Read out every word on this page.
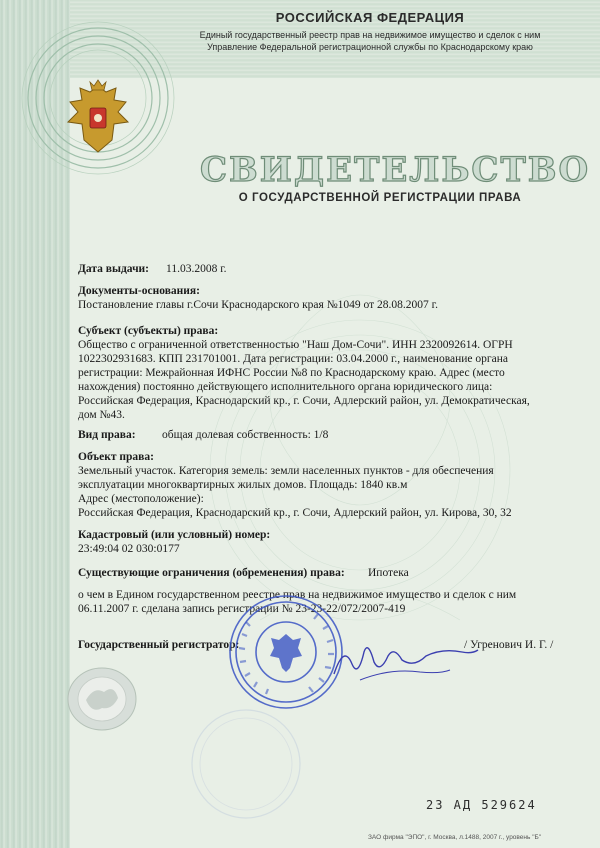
РОССИЙСКАЯ ФЕДЕРАЦИЯ
Единый государственный реестр прав на недвижимое имущество и сделок с ним
Управление Федеральной регистрационной службы по Краснодарскому краю
СВИДЕТЕЛЬСТВО
О ГОСУДАРСТВЕННОЙ РЕГИСТРАЦИИ ПРАВА
Дата выдачи: 11.03.2008 г.
Документы-основания:
Постановление главы г.Сочи Краснодарского края №1049 от 28.08.2007 г.
Субъект (субъекты) права:
Общество с ограниченной ответственностью "Наш Дом-Сочи". ИНН 2320092614. ОГРН
1022302931683. КПП 231701001. Дата регистрации: 03.04.2000 г., наименование органа
регистрации: Межрайонная ИФНС России №8 по Краснодарскому краю. Адрес (место
нахождения) постоянно действующего исполнительного органа юридического лица:
Российская Федерация, Краснодарский кр., г. Сочи, Адлерский район, ул. Демократическая,
дом №43.
Вид права: общая долевая собственность: 1/8
Объект права:
Земельный участок. Категория земель: земли населенных пунктов - для обеспечения
эксплуатации многоквартирных жилых домов. Площадь: 1840 кв.м
Адрес (местоположение):
Российская Федерация, Краснодарский кр., г. Сочи, Адлерский район, ул. Кирова, 30, 32
Кадастровый (или условный) номер:
23:49:04 02 030:0177
Существующие ограничения (обременения) права: Ипотека
о чем в Едином государственном реестре прав на недвижимое имущество и сделок с ним
06.11.2007 г. сделана запись регистрации № 23-23-22/072/2007-419
Государственный регистратор:	/ Угренович И. Г. /
23 АД 529624
ЗАО фирма "ЭПО", г. Москва, л.1488, 2007 г., уровень "Б"
